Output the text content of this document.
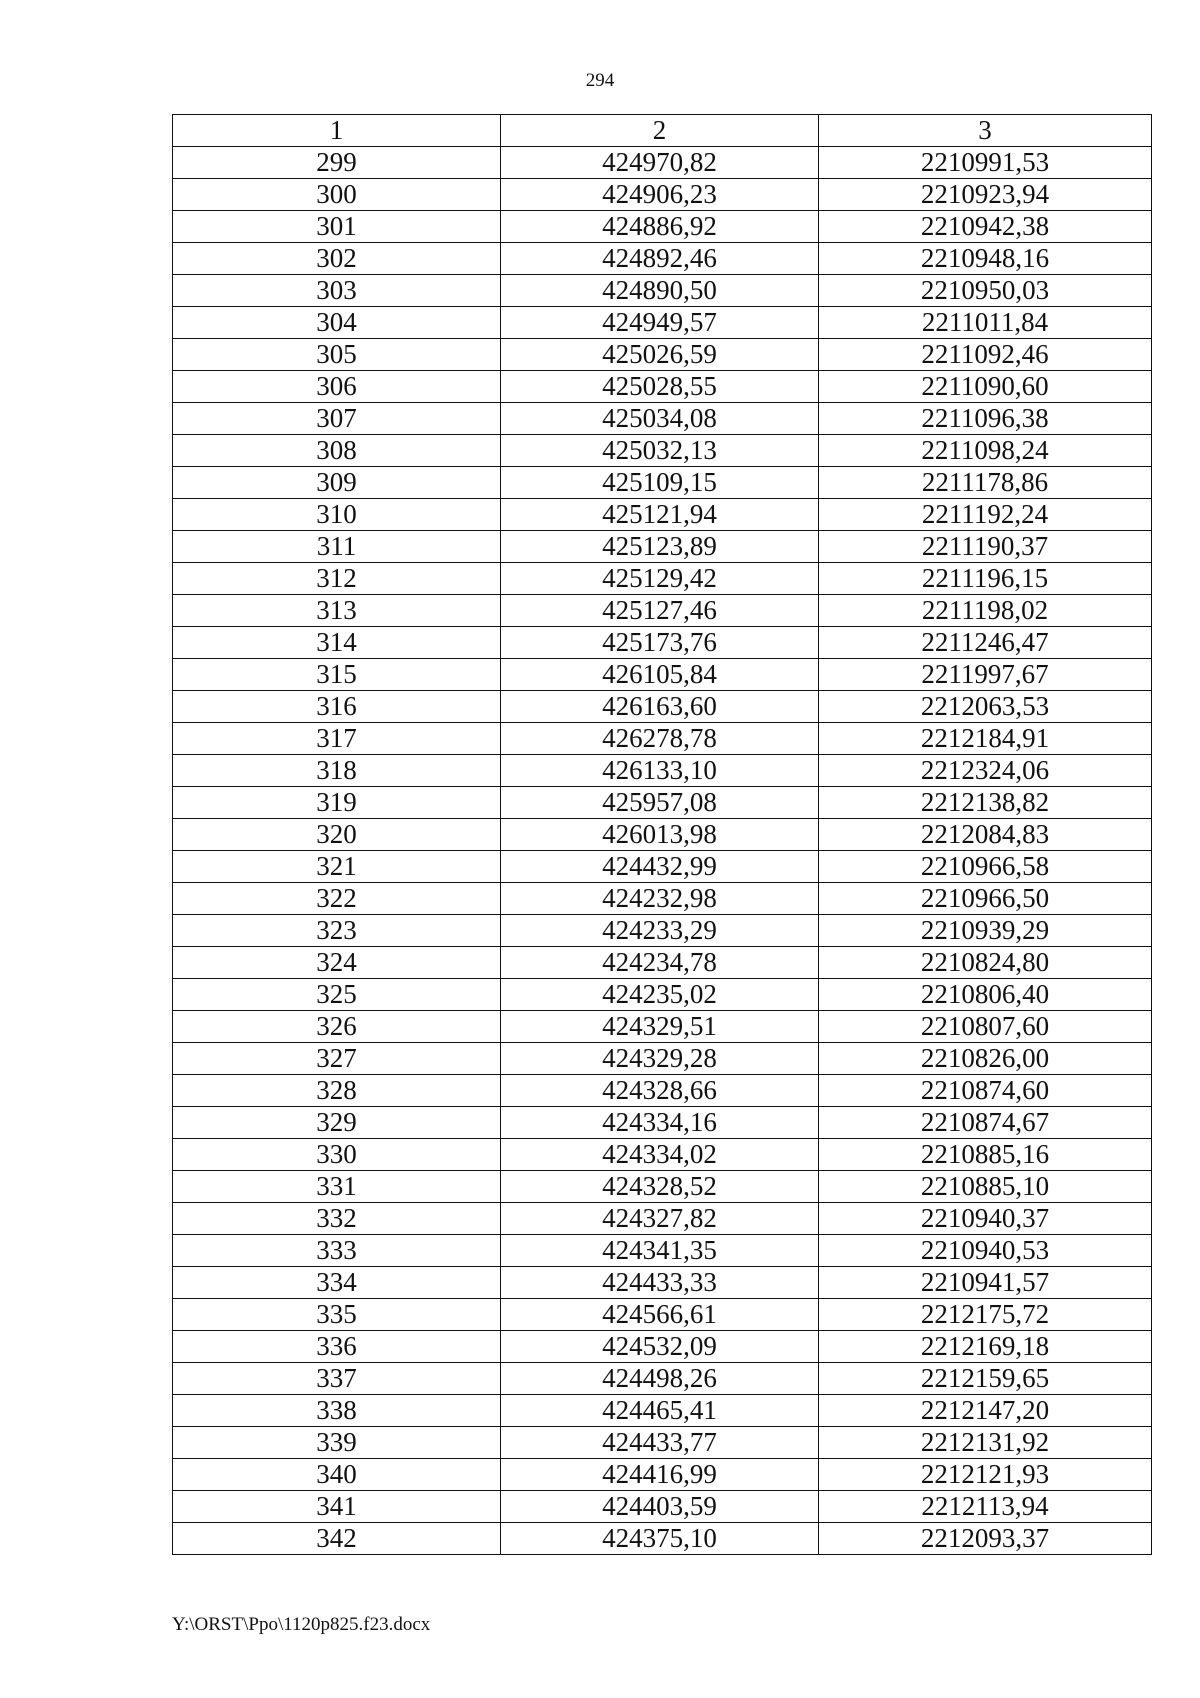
294
1	2	3
299	424970,82	2210991,53
300	424906,23	2210923,94
301	424886,92	2210942,38
302	424892,46	2210948,16
303	424890,50	2210950,03
304	424949,57	2211011,84
305	425026,59	2211092,46
306	425028,55	2211090,60
307	425034,08	2211096,38
308	425032,13	2211098,24
309	425109,15	2211178,86
310	425121,94	2211192,24
311	425123,89	2211190,37
312	425129,42	2211196,15
313	425127,46	2211198,02
314	425173,76	2211246,47
315	426105,84	2211997,67
316	426163,60	2212063,53
317	426278,78	2212184,91
318	426133,10	2212324,06
319	425957,08	2212138,82
320	426013,98	2212084,83
321	424432,99	2210966,58
322	424232,98	2210966,50
323	424233,29	2210939,29
324	424234,78	2210824,80
325	424235,02	2210806,40
326	424329,51	2210807,60
327	424329,28	2210826,00
328	424328,66	2210874,60
329	424334,16	2210874,67
330	424334,02	2210885,16
331	424328,52	2210885,10
332	424327,82	2210940,37
333	424341,35	2210940,53
334	424433,33	2210941,57
335	424566,61	2212175,72
336	424532,09	2212169,18
337	424498,26	2212159,65
338	424465,41	2212147,20
339	424433,77	2212131,92
340	424416,99	2212121,93
341	424403,59	2212113,94
342	424375,10	2212093,37
Y:\ORST\Ppo\1120p825.f23.docx
